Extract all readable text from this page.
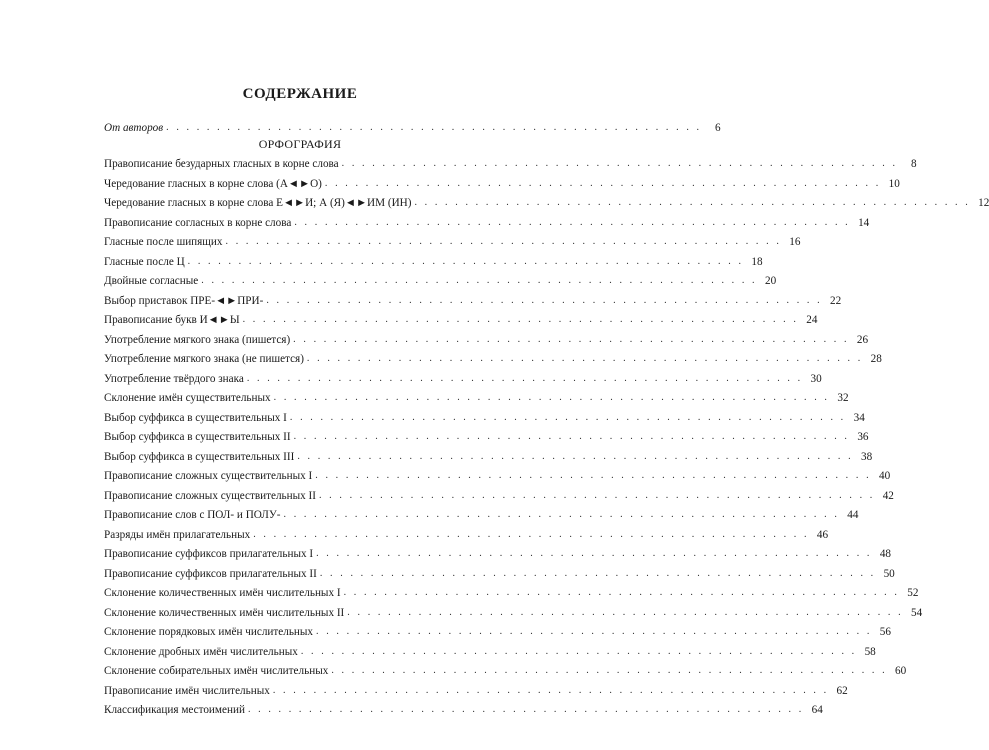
СОДЕРЖАНИЕ
От авторов . . . . . . . . . . . . . . . . . . . . . . . . . . . . . . . . . . . . . . . . . . . . . . . . . . . . .	6
ОРФОГРАФИЯ
Правописание безударных гласных в корне слова . . . . . . . . . . . . . . . . . . . . . . . . . . . . . . . . . . . . . . . . . . . . . . . . . . . . . . .	8
Чередование гласных в корне слова (А◄►О) . . . . . . . . . . . . . . . . . . . . . . . . . . . . . . . . . . . . . . . . . . . . . . . . . . . . . . . 10
Чередование гласных в корне слова Е◄►И; А (Я)◄►ИМ (ИН) . . . . . . . . . . . . . . . . . . . . . . . . . . . . . . . . . . . . . . . . . . . . . . . . . . . . . . . 12
Правописание согласных в корне слова . . . . . . . . . . . . . . . . . . . . . . . . . . . . . . . . . . . . . . . . . . . . . . . . . . . . . . . 14
Гласные после шипящих . . . . . . . . . . . . . . . . . . . . . . . . . . . . . . . . . . . . . . . . . . . . . . . . . . . . . . . 16
Гласные после Ц . . . . . . . . . . . . . . . . . . . . . . . . . . . . . . . . . . . . . . . . . . . . . . . . . . . . . . . 18
Двойные согласные . . . . . . . . . . . . . . . . . . . . . . . . . . . . . . . . . . . . . . . . . . . . . . . . . . . . . . . 20
Выбор приставок ПРЕ-◄►ПРИ- . . . . . . . . . . . . . . . . . . . . . . . . . . . . . . . . . . . . . . . . . . . . . . . . . . . . . . . 22
Правописание букв И◄►Ы . . . . . . . . . . . . . . . . . . . . . . . . . . . . . . . . . . . . . . . . . . . . . . . . . . . . . . . 24
Употребление мягкого знака (пишется) . . . . . . . . . . . . . . . . . . . . . . . . . . . . . . . . . . . . . . . . . . . . . . . . . . . . . . . 26
Употребление мягкого знака (не пишется) . . . . . . . . . . . . . . . . . . . . . . . . . . . . . . . . . . . . . . . . . . . . . . . . . . . . . . . 28
Употребление твёрдого знака . . . . . . . . . . . . . . . . . . . . . . . . . . . . . . . . . . . . . . . . . . . . . . . . . . . . . . . 30
Склонение имён существительных . . . . . . . . . . . . . . . . . . . . . . . . . . . . . . . . . . . . . . . . . . . . . . . . . . . . . . . 32
Выбор суффикса в существительных I . . . . . . . . . . . . . . . . . . . . . . . . . . . . . . . . . . . . . . . . . . . . . . . . . . . . . . . 34
Выбор суффикса в существительных II . . . . . . . . . . . . . . . . . . . . . . . . . . . . . . . . . . . . . . . . . . . . . . . . . . . . . . . 36
Выбор суффикса в существительных III . . . . . . . . . . . . . . . . . . . . . . . . . . . . . . . . . . . . . . . . . . . . . . . . . . . . . . . 38
Правописание сложных существительных I . . . . . . . . . . . . . . . . . . . . . . . . . . . . . . . . . . . . . . . . . . . . . . . . . . . . . . . 40
Правописание сложных существительных II . . . . . . . . . . . . . . . . . . . . . . . . . . . . . . . . . . . . . . . . . . . . . . . . . . . . . . . 42
Правописание слов с ПОЛ- и ПОЛУ- . . . . . . . . . . . . . . . . . . . . . . . . . . . . . . . . . . . . . . . . . . . . . . . . . . . . . . . 44
Разряды имён прилагательных . . . . . . . . . . . . . . . . . . . . . . . . . . . . . . . . . . . . . . . . . . . . . . . . . . . . . . . 46
Правописание суффиксов прилагательных I . . . . . . . . . . . . . . . . . . . . . . . . . . . . . . . . . . . . . . . . . . . . . . . . . . . . . . . 48
Правописание суффиксов прилагательных II . . . . . . . . . . . . . . . . . . . . . . . . . . . . . . . . . . . . . . . . . . . . . . . . . . . . . . . 50
Склонение количественных имён числительных I . . . . . . . . . . . . . . . . . . . . . . . . . . . . . . . . . . . . . . . . . . . . . . . . . . . . . . . 52
Склонение количественных имён числительных II . . . . . . . . . . . . . . . . . . . . . . . . . . . . . . . . . . . . . . . . . . . . . . . . . . . . . . . 54
Склонение порядковых имён числительных . . . . . . . . . . . . . . . . . . . . . . . . . . . . . . . . . . . . . . . . . . . . . . . . . . . . . . . 56
Склонение дробных имён числительных . . . . . . . . . . . . . . . . . . . . . . . . . . . . . . . . . . . . . . . . . . . . . . . . . . . . . . . 58
Склонение собирательных имён числительных . . . . . . . . . . . . . . . . . . . . . . . . . . . . . . . . . . . . . . . . . . . . . . . . . . . . . . . 60
Правописание имён числительных . . . . . . . . . . . . . . . . . . . . . . . . . . . . . . . . . . . . . . . . . . . . . . . . . . . . . . . 62
Классификация местоимений . . . . . . . . . . . . . . . . . . . . . . . . . . . . . . . . . . . . . . . . . . . . . . . . . . . . . . . 64
